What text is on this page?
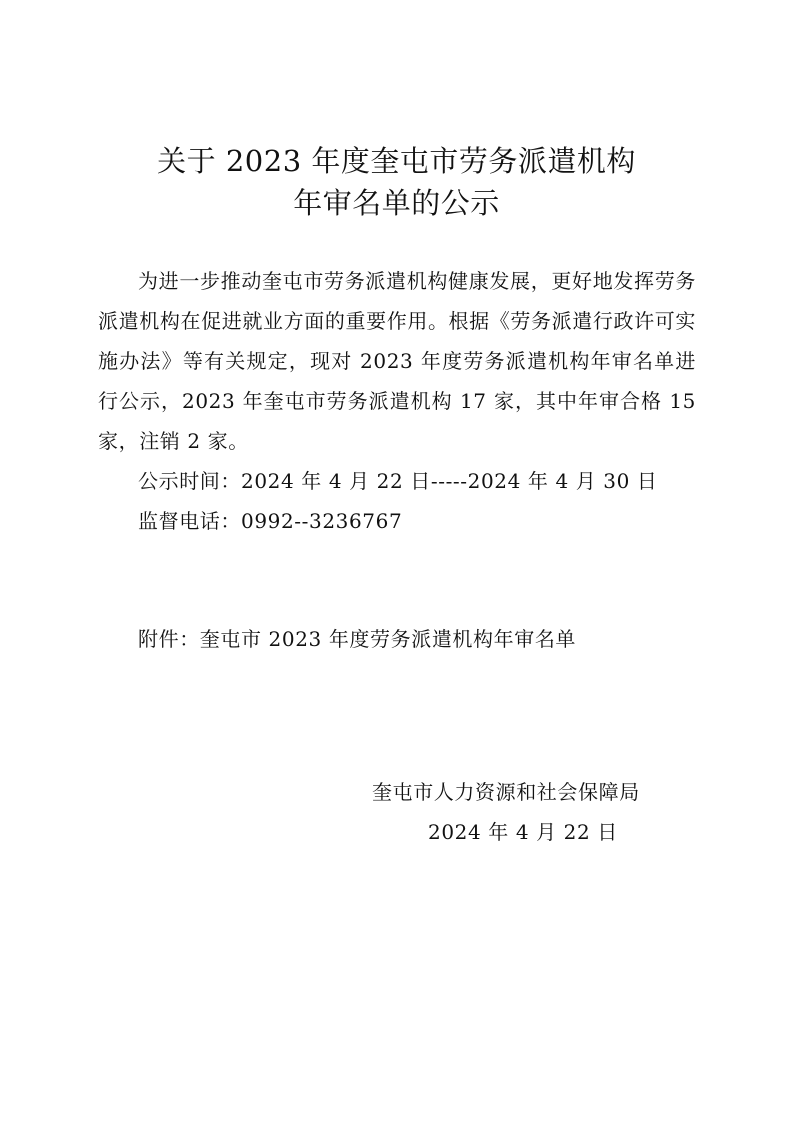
关于 2023 年度奎屯市劳务派遣机构
年审名单的公示
为进一步推动奎屯市劳务派遣机构健康发展，更好地发挥劳务派遣机构在促进就业方面的重要作用。根据《劳务派遣行政许可实施办法》等有关规定，现对 2023 年度劳务派遣机构年审名单进行公示，2023 年奎屯市劳务派遣机构 17 家，其中年审合格 15 家，注销 2 家。
公示时间：2024 年 4 月 22 日-----2024 年 4 月 30 日
监督电话：0992--3236767
附件：奎屯市 2023 年度劳务派遣机构年审名单
奎屯市人力资源和社会保障局
2024 年 4 月 22 日
